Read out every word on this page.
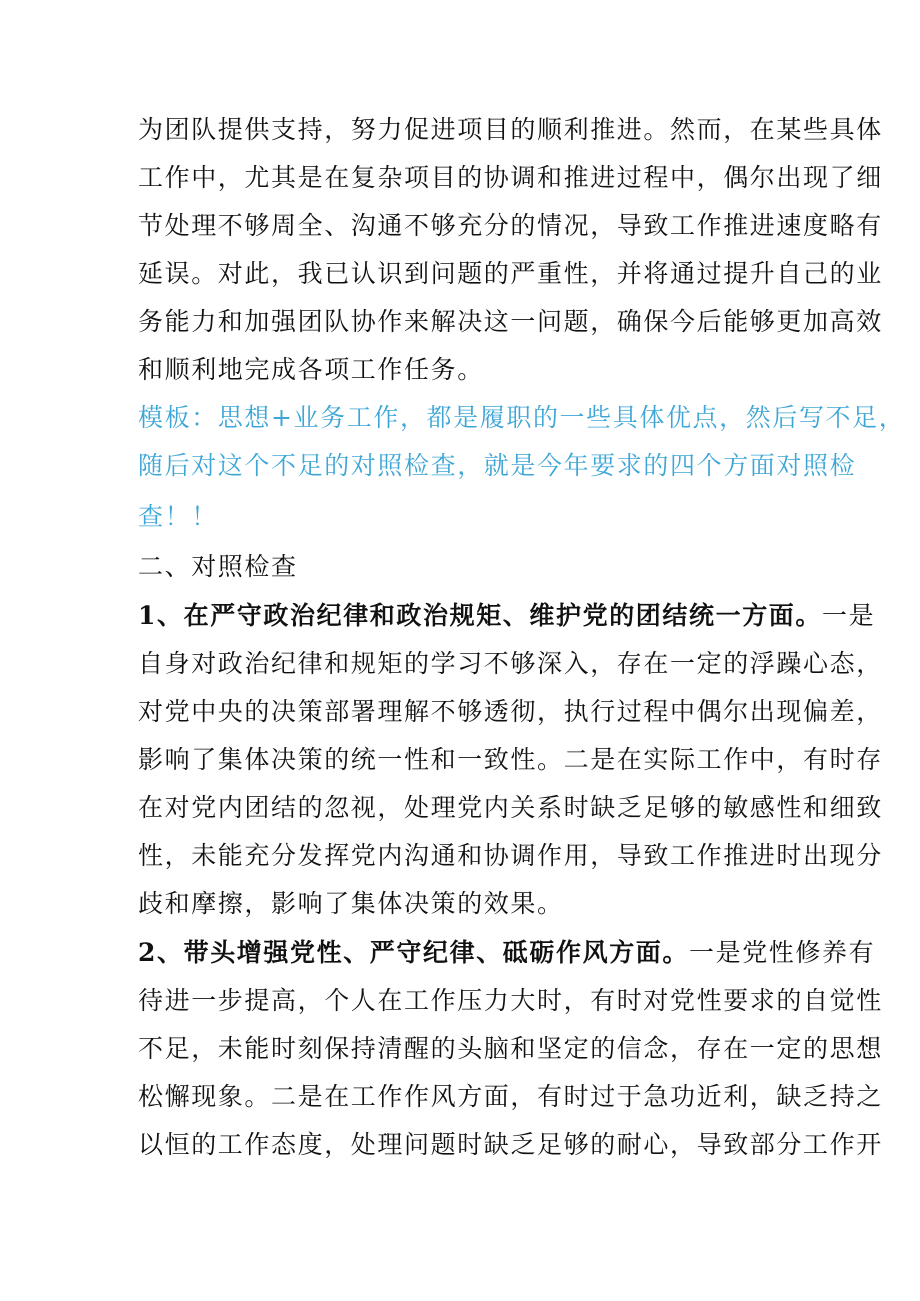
为团队提供支持，努力促进项目的顺利推进。然而，在某些具体
工作中，尤其是在复杂项目的协调和推进过程中，偶尔出现了细
节处理不够周全、沟通不够充分的情况，导致工作推进速度略有
延误。对此，我已认识到问题的严重性，并将通过提升自己的业
务能力和加强团队协作来解决这一问题，确保今后能够更加高效
和顺利地完成各项工作任务。
模板：思想+业务工作，都是履职的一些具体优点，然后写不足，
随后对这个不足的对照检查，就是今年要求的四个方面对照检
查！！
二、对照检查
1、在严守政治纪律和政治规矩、维护党的团结统一方面。一是
自身对政治纪律和规矩的学习不够深入，存在一定的浮躁心态，
对党中央的决策部署理解不够透彻，执行过程中偶尔出现偏差，
影响了集体决策的统一性和一致性。二是在实际工作中，有时存
在对党内团结的忽视，处理党内关系时缺乏足够的敏感性和细致
性，未能充分发挥党内沟通和协调作用，导致工作推进时出现分
歧和摩擦，影响了集体决策的效果。
2、带头增强党性、严守纪律、砥砺作风方面。一是党性修养有
待进一步提高，个人在工作压力大时，有时对党性要求的自觉性
不足，未能时刻保持清醒的头脑和坚定的信念，存在一定的思想
松懈现象。二是在工作作风方面，有时过于急功近利，缺乏持之
以恒的工作态度，处理问题时缺乏足够的耐心，导致部分工作开
